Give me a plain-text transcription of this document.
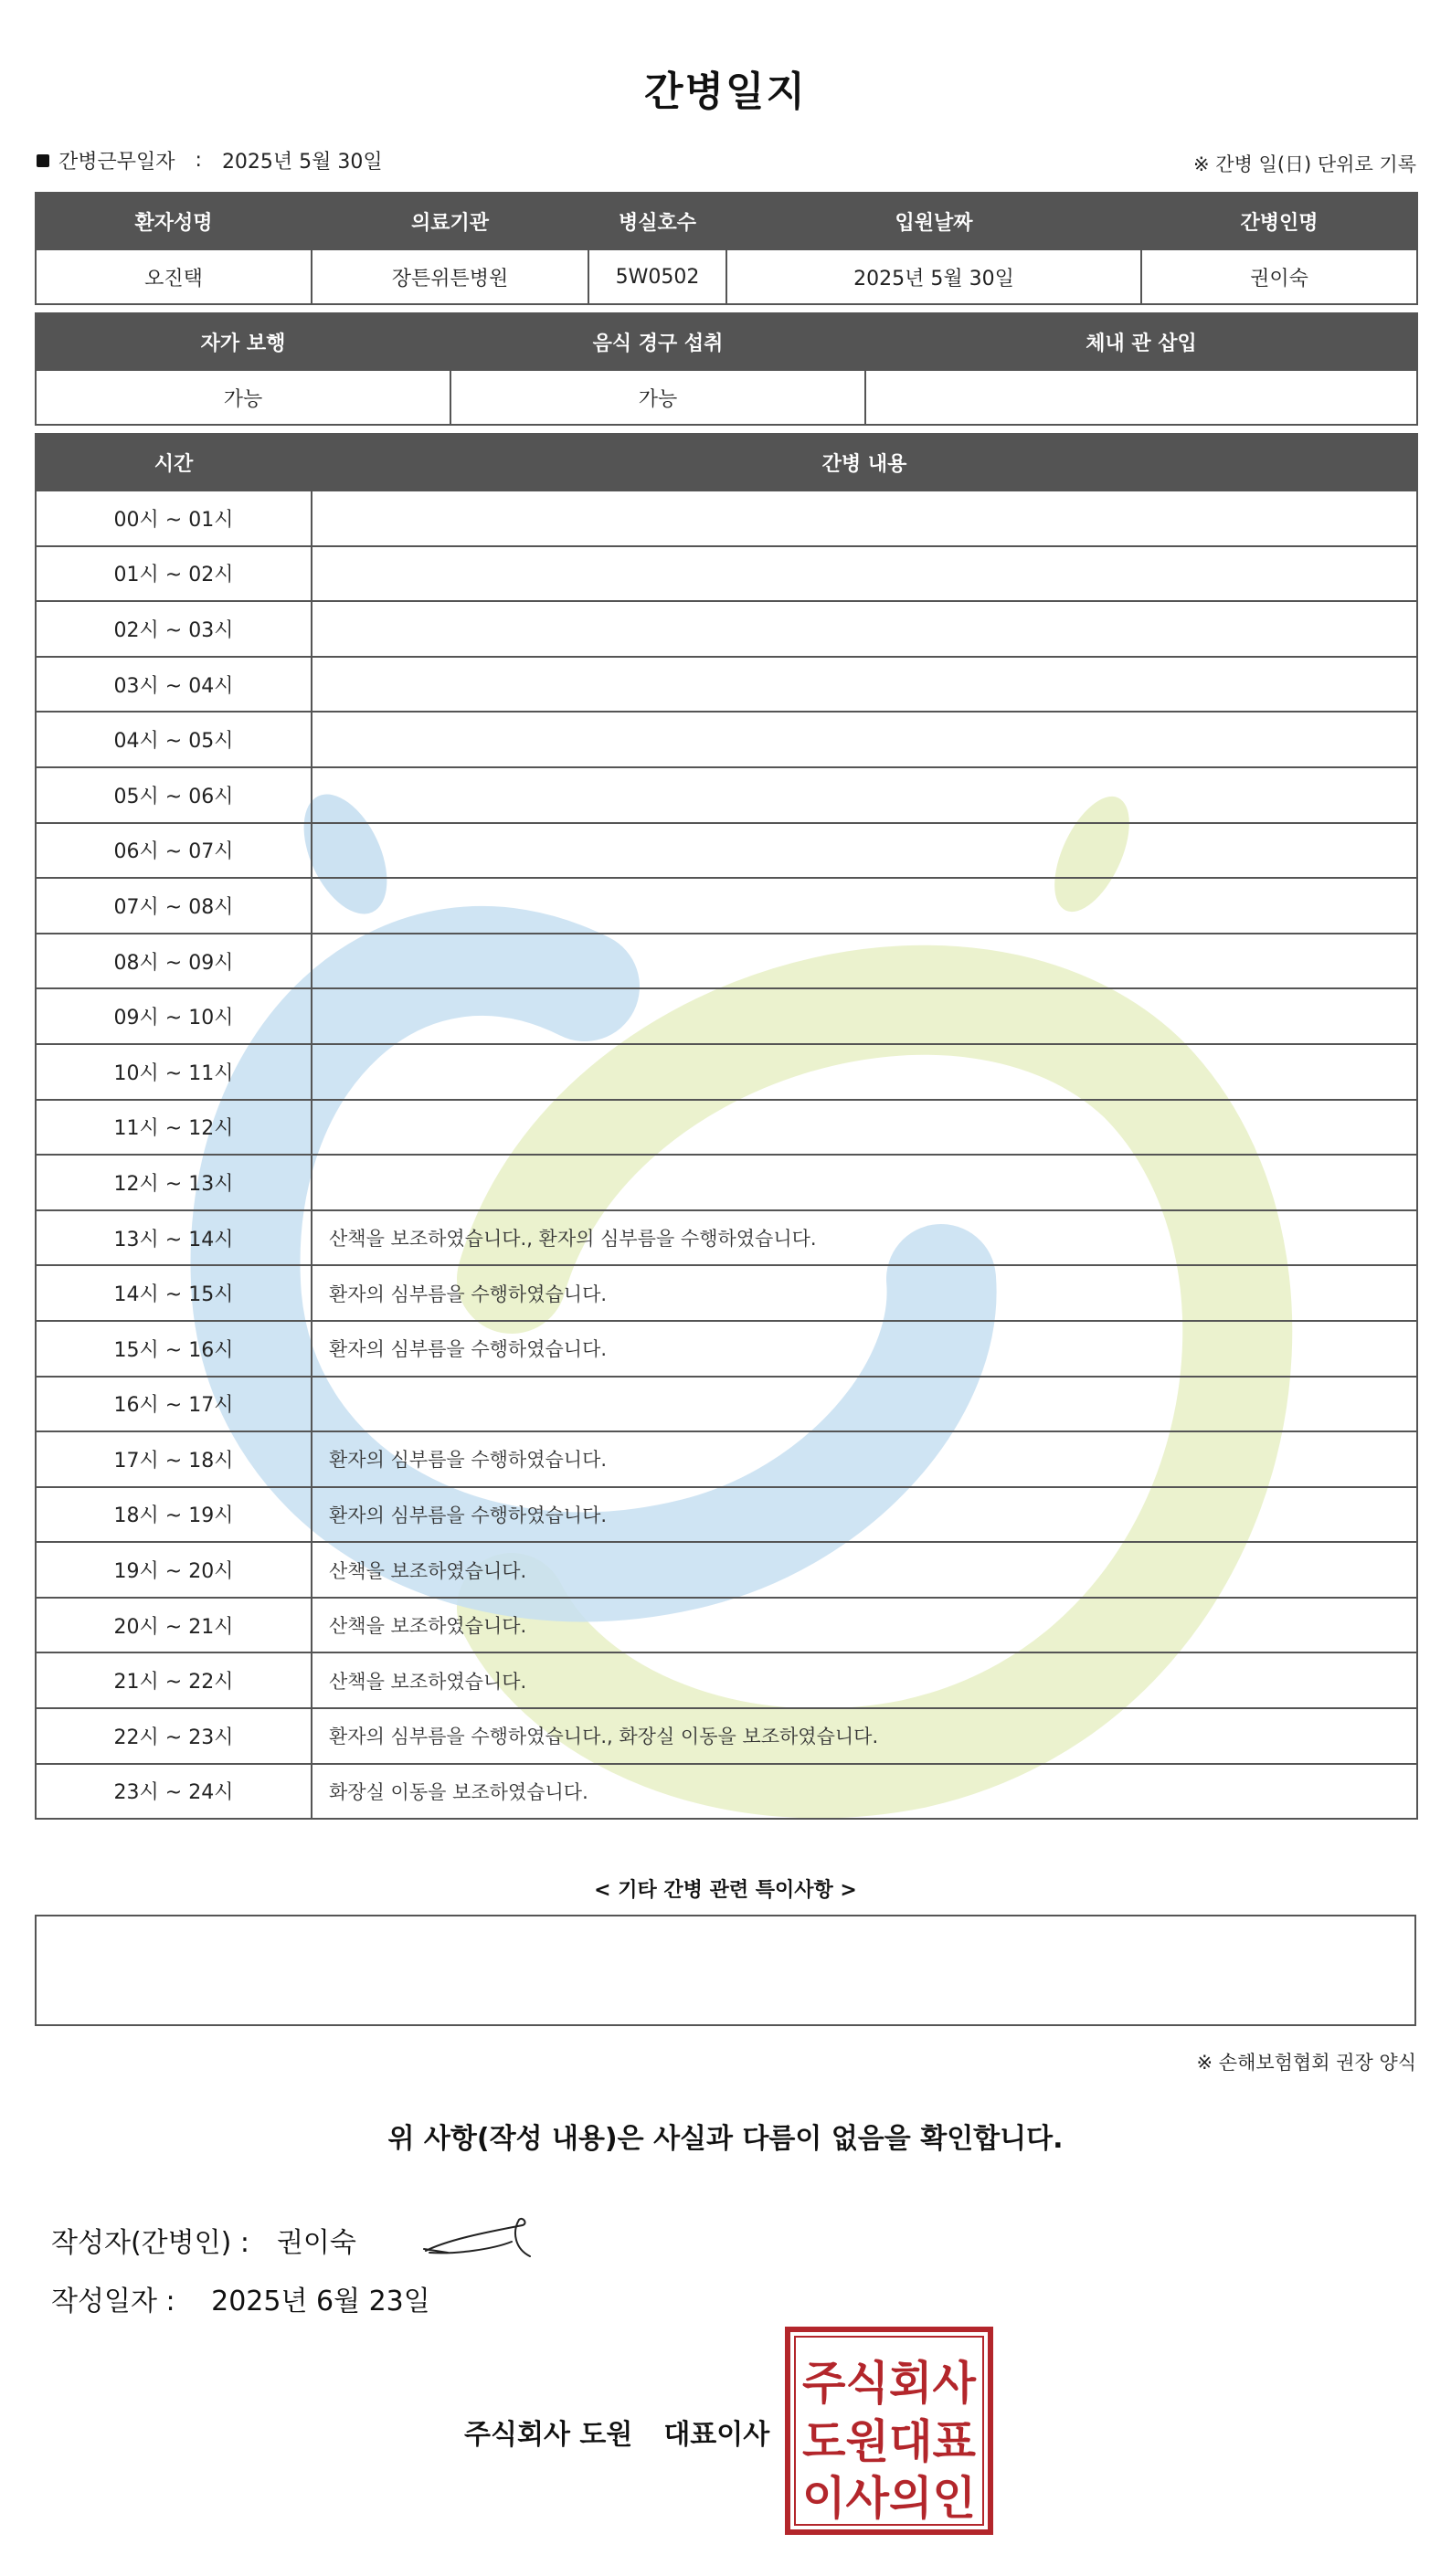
간병일지
간병근무일자 : 2025년 5월 30일	※ 간병 일(日) 단위로 기록
환자성명	의료기관	병실호수	입원날짜	간병인명
오진택	장튼위튼병원	5W0502	2025년 5월 30일	권이숙
자가 보행	음식 경구 섭취	체내 관 삽입
가능	가능	
시간	간병 내용
00시 ~ 01시	
01시 ~ 02시	
02시 ~ 03시	
03시 ~ 04시	
04시 ~ 05시	
05시 ~ 06시	
06시 ~ 07시	
07시 ~ 08시	
08시 ~ 09시	
09시 ~ 10시	
10시 ~ 11시	
11시 ~ 12시	
12시 ~ 13시	
13시 ~ 14시	산책을 보조하였습니다., 환자의 심부름을 수행하였습니다.
14시 ~ 15시	환자의 심부름을 수행하였습니다.
15시 ~ 16시	환자의 심부름을 수행하였습니다.
16시 ~ 17시	
17시 ~ 18시	환자의 심부름을 수행하였습니다.
18시 ~ 19시	환자의 심부름을 수행하였습니다.
19시 ~ 20시	산책을 보조하였습니다.
20시 ~ 21시	산책을 보조하였습니다.
21시 ~ 22시	산책을 보조하였습니다.
22시 ~ 23시	환자의 심부름을 수행하였습니다., 화장실 이동을 보조하였습니다.
23시 ~ 24시	화장실 이동을 보조하였습니다.
< 기타 간병 관련 특이사항 >
※ 손해보험협회 권장 양식
위 사항(작성 내용)은 사실과 다름이 없음을 확인합니다.
작성자(간병인) : 권이숙
작성일자 : 2025년 6월 23일
주식회사 도원 대표이사
주식회사
도원대표
이사의인
